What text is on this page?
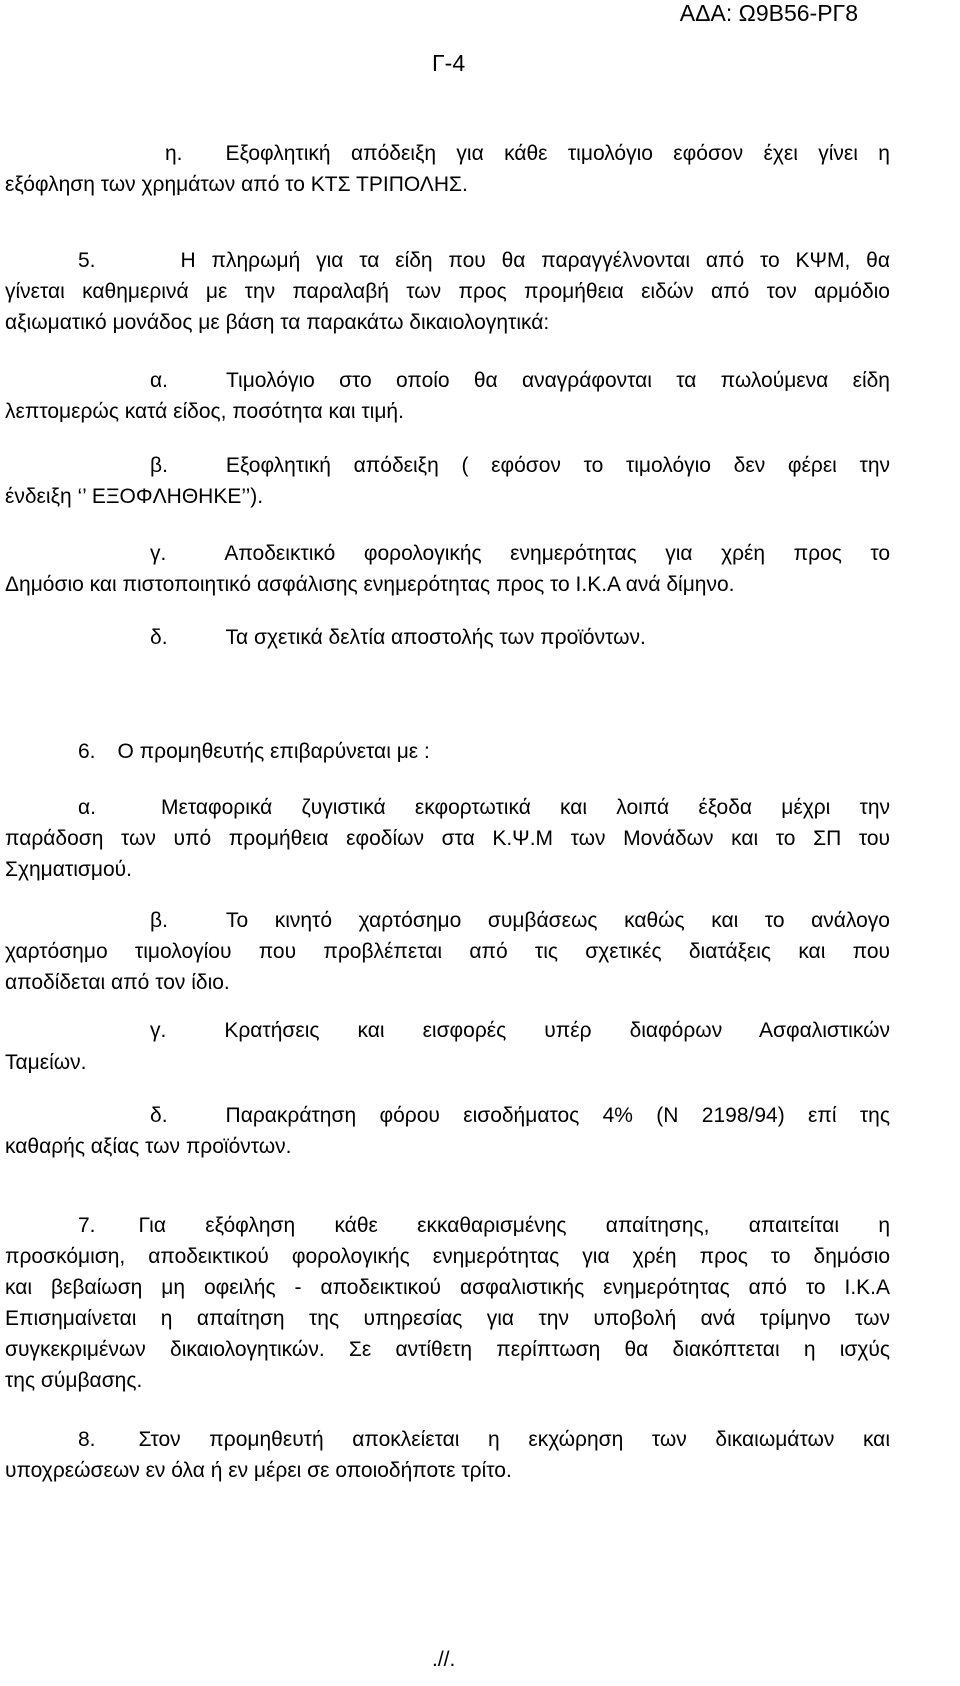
ΑΔΑ: Ω9Β56-ΡΓ8
Γ-4
η. Εξοφλητική απόδειξη για κάθε τιμολόγιο εφόσον έχει γίνει η
εξόφληση των χρημάτων από το ΚΤΣ ΤΡΙΠΟΛΗΣ.
5.	Η πληρωμή για τα είδη που θα παραγγέλνονται από το ΚΨΜ, θα
γίνεται καθημερινά με την παραλαβή των προς προμήθεια ειδών από τον αρμόδιο
αξιωματικό μονάδος με βάση τα παρακάτω δικαιολογητικά:
α.	Τιμολόγιο στο οποίο θα αναγράφονται τα πωλούμενα είδη
λεπτομερώς κατά είδος, ποσότητα και τιμή.
β.	Εξοφλητική απόδειξη ( εφόσον το τιμολόγιο δεν φέρει την
ένδειξη ‘’ ΕΞΟΦΛΗΘΗΚΕ’’).
γ.	Αποδεικτικό φορολογικής ενημερότητας για χρέη προς το
Δημόσιο και πιστοποιητικό ασφάλισης ενημερότητας προς το Ι.Κ.Α ανά δίμηνο.
δ.	Τα σχετικά δελτία αποστολής των προϊόντων.
6. Ο προμηθευτής επιβαρύνεται με :
α.	Μεταφορικά ζυγιστικά εκφορτωτικά και λοιπά έξοδα μέχρι την
παράδοση των υπό προμήθεια εφοδίων στα Κ.Ψ.Μ των Μονάδων και το ΣΠ του
Σχηματισμού.
β.	Το κινητό χαρτόσημο συμβάσεως καθώς και το ανάλογο
χαρτόσημο τιμολογίου που προβλέπεται από τις σχετικές διατάξεις και που
αποδίδεται από τον ίδιο.
γ.	Κρατήσεις και εισφορές υπέρ διαφόρων Ασφαλιστικών
Ταμείων.
δ.	Παρακράτηση φόρου εισοδήματος 4% (Ν 2198/94) επί της
καθαρής αξίας των προϊόντων.
7. Για εξόφληση κάθε εκκαθαρισμένης απαίτησης, απαιτείται η
προσκόμιση, αποδεικτικού φορολογικής ενημερότητας για χρέη προς το δημόσιο
και βεβαίωση μη οφειλής - αποδεικτικού ασφαλιστικής ενημερότητας από το Ι.Κ.Α
Επισημαίνεται η απαίτηση της υπηρεσίας για την υποβολή ανά τρίμηνο των
συγκεκριμένων δικαιολογητικών. Σε αντίθετη περίπτωση θα διακόπτεται η ισχύς
της σύμβασης.
8. Στον προμηθευτή αποκλείεται η εκχώρηση των δικαιωμάτων και
υποχρεώσεων εν όλα ή εν μέρει σε οποιοδήποτε τρίτο.
.//.
